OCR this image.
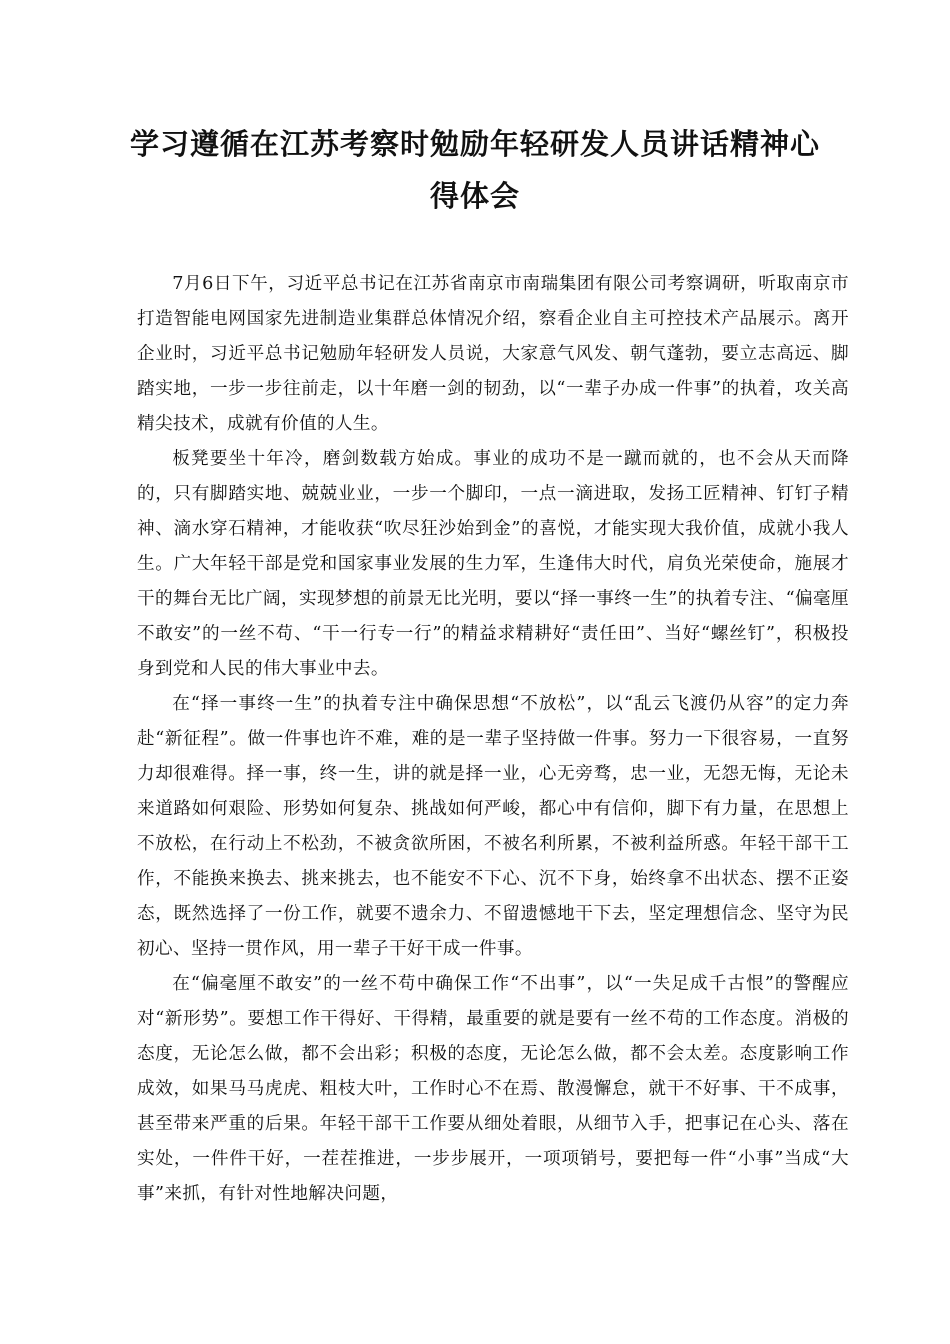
学习遵循在江苏考察时勉励年轻研发人员讲话精神心得体会

7月6日下午，习近平总书记在江苏省南京市南瑞集团有限公司考察调研，听取南京市打造智能电网国家先进制造业集群总体情况介绍，察看企业自主可控技术产品展示。离开企业时，习近平总书记勉励年轻研发人员说，大家意气风发、朝气蓬勃，要立志高远、脚踏实地，一步一步往前走，以十年磨一剑的韧劲，以“一辈子办成一件事”的执着，攻关高精尖技术，成就有价值的人生。

板凳要坐十年冷，磨剑数载方始成。事业的成功不是一蹴而就的，也不会从天而降的，只有脚踏实地、兢兢业业，一步一个脚印，一点一滴进取，发扬工匠精神、钉钉子精神、滴水穿石精神，才能收获“吹尽狂沙始到金”的喜悦，才能实现大我价值，成就小我人生。广大年轻干部是党和国家事业发展的生力军，生逢伟大时代，肩负光荣使命，施展才干的舞台无比广阔，实现梦想的前景无比光明，要以“择一事终一生”的执着专注、“偏毫厘不敢安”的一丝不苟、“干一行专一行”的精益求精耕好“责任田”、当好“螺丝钉”，积极投身到党和人民的伟大事业中去。

在“择一事终一生”的执着专注中确保思想“不放松”，以“乱云飞渡仍从容”的定力奔赴“新征程”。做一件事也许不难，难的是一辈子坚持做一件事。努力一下很容易，一直努力却很难得。择一事，终一生，讲的就是择一业，心无旁骛，忠一业，无怨无悔，无论未来道路如何艰险、形势如何复杂、挑战如何严峻，都心中有信仰，脚下有力量，在思想上不放松，在行动上不松劲，不被贪欲所困，不被名利所累，不被利益所惑。年轻干部干工作，不能换来换去、挑来挑去，也不能安不下心、沉不下身，始终拿不出状态、摆不正姿态，既然选择了一份工作，就要不遗余力、不留遗憾地干下去，坚定理想信念、坚守为民初心、坚持一贯作风，用一辈子干好干成一件事。

在“偏毫厘不敢安”的一丝不苟中确保工作“不出事”，以“一失足成千古恨”的警醒应对“新形势”。要想工作干得好、干得精，最重要的就是要有一丝不苟的工作态度。消极的态度，无论怎么做，都不会出彩；积极的态度，无论怎么做，都不会太差。态度影响工作成效，如果马马虎虎、粗枝大叶，工作时心不在焉、散漫懈怠，就干不好事、干不成事，甚至带来严重的后果。年轻干部干工作要从细处着眼，从细节入手，把事记在心头、落在实处，一件件干好，一茬茬推进，一步步展开，一项项销号，要把每一件“小事”当成“大事”来抓，有针对性地解决问题，
